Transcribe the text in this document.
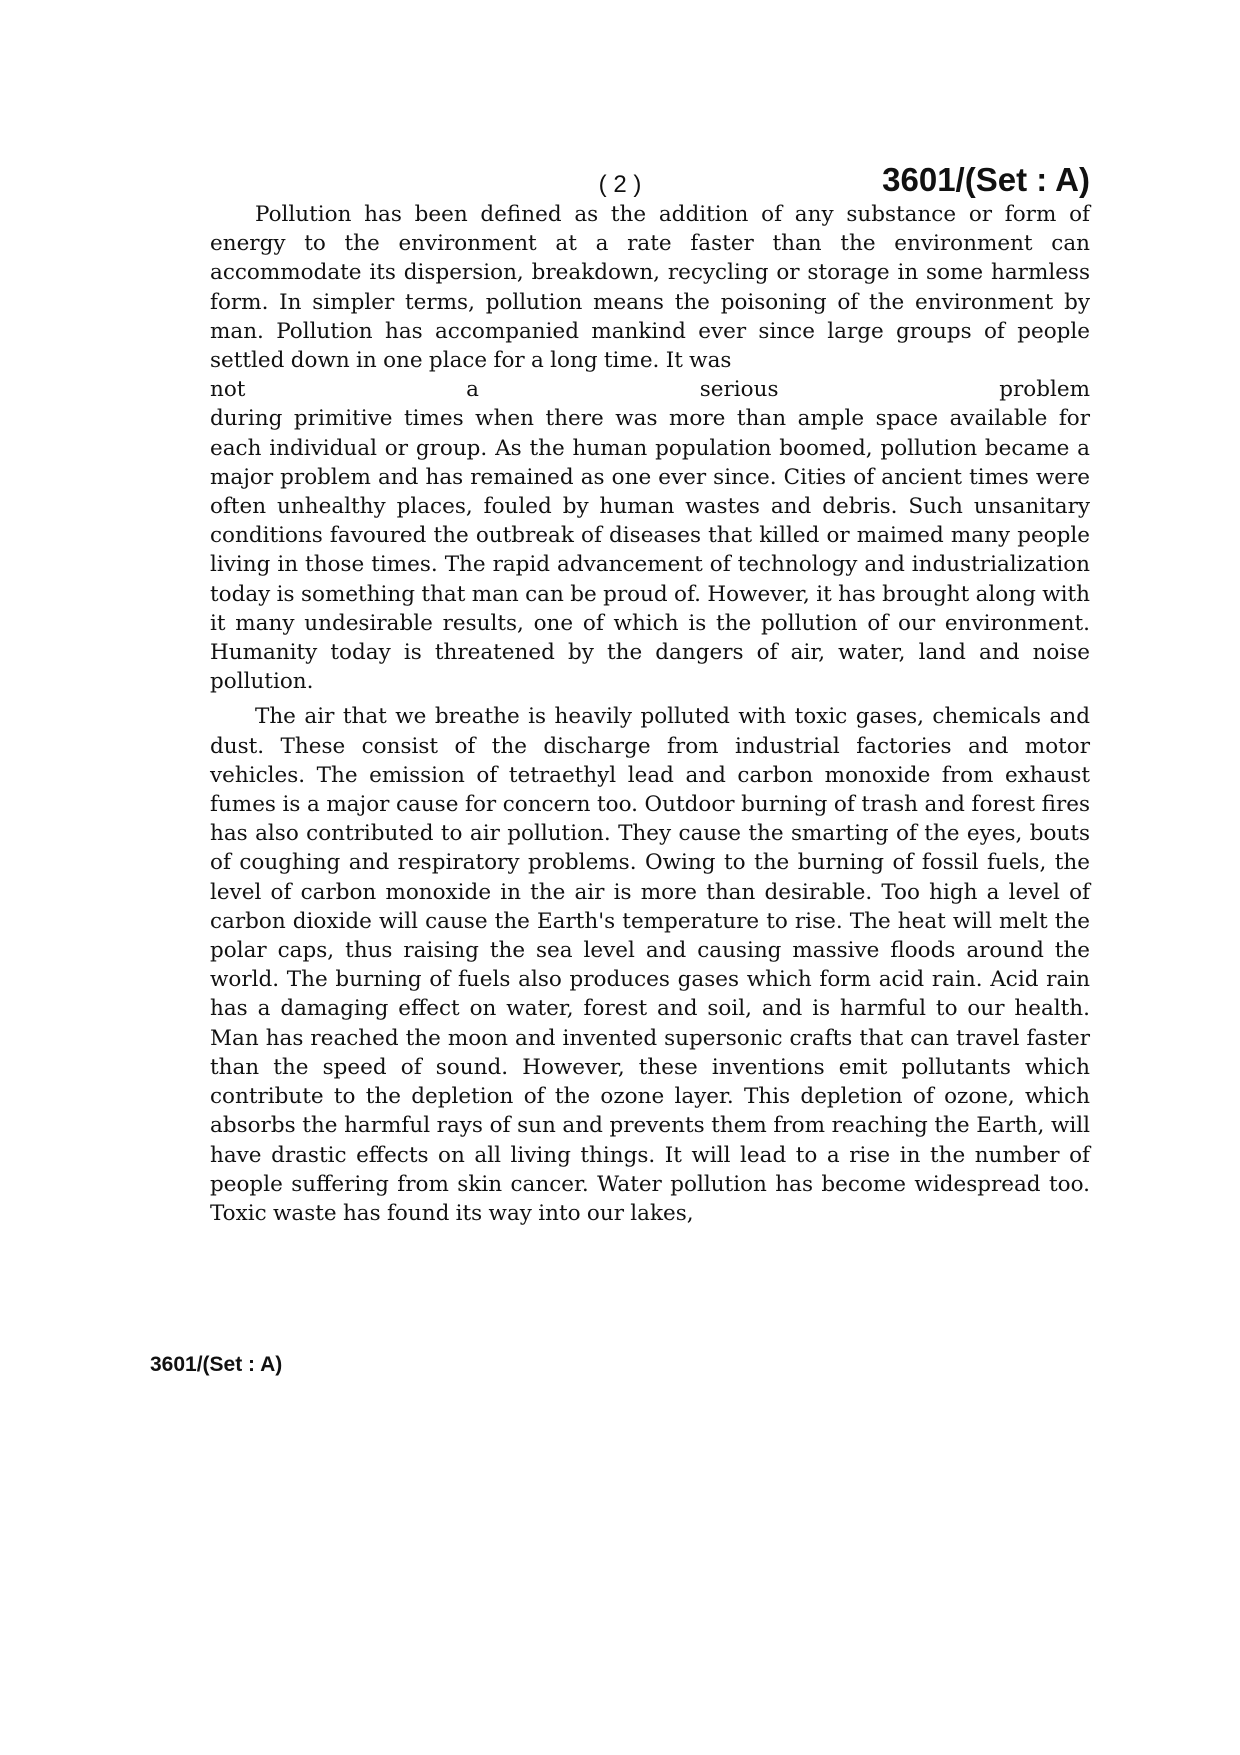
( 2 )	3601/(Set : A)

Pollution has been defined as the addition of any substance or form of energy to the environment at a rate faster than the environment can accommodate its dispersion, breakdown, recycling or storage in some harmless form. In simpler terms, pollution means the poisoning of the environment by man. Pollution has accompanied mankind ever since large groups of people settled down in one place for a long time. It was
not a serious problem
during primitive times when there was more than ample space available for each individual or group. As the human population boomed, pollution became a major problem and has remained as one ever since. Cities of ancient times were often unhealthy places, fouled by human wastes and debris. Such unsanitary conditions favoured the outbreak of diseases that killed or maimed many people living in those times. The rapid advancement of technology and industrialization today is something that man can be proud of. However, it has brought along with it many undesirable results, one of which is the pollution of our environment. Humanity today is threatened by the dangers of air, water, land and noise pollution.

The air that we breathe is heavily polluted with toxic gases, chemicals and dust. These consist of the discharge from industrial factories and motor vehicles. The emission of tetraethyl lead and carbon monoxide from exhaust fumes is a major cause for concern too. Outdoor burning of trash and forest fires has also contributed to air pollution. They cause the smarting of the eyes, bouts of coughing and respiratory problems. Owing to the burning of fossil fuels, the level of carbon monoxide in the air is more than desirable. Too high a level of carbon dioxide will cause the Earth's temperature to rise. The heat will melt the polar caps, thus raising the sea level and causing massive floods around the world. The burning of fuels also produces gases which form acid rain. Acid rain has a damaging effect on water, forest and soil, and is harmful to our health. Man has reached the moon and invented supersonic crafts that can travel faster than the speed of sound. However, these inventions emit pollutants which contribute to the depletion of the ozone layer. This depletion of ozone, which absorbs the harmful rays of sun and prevents them from reaching the Earth, will have drastic effects on all living things. It will lead to a rise in the number of people suffering from skin cancer. Water pollution has become widespread too. Toxic waste has found its way into our lakes,

3601/(Set : A)
